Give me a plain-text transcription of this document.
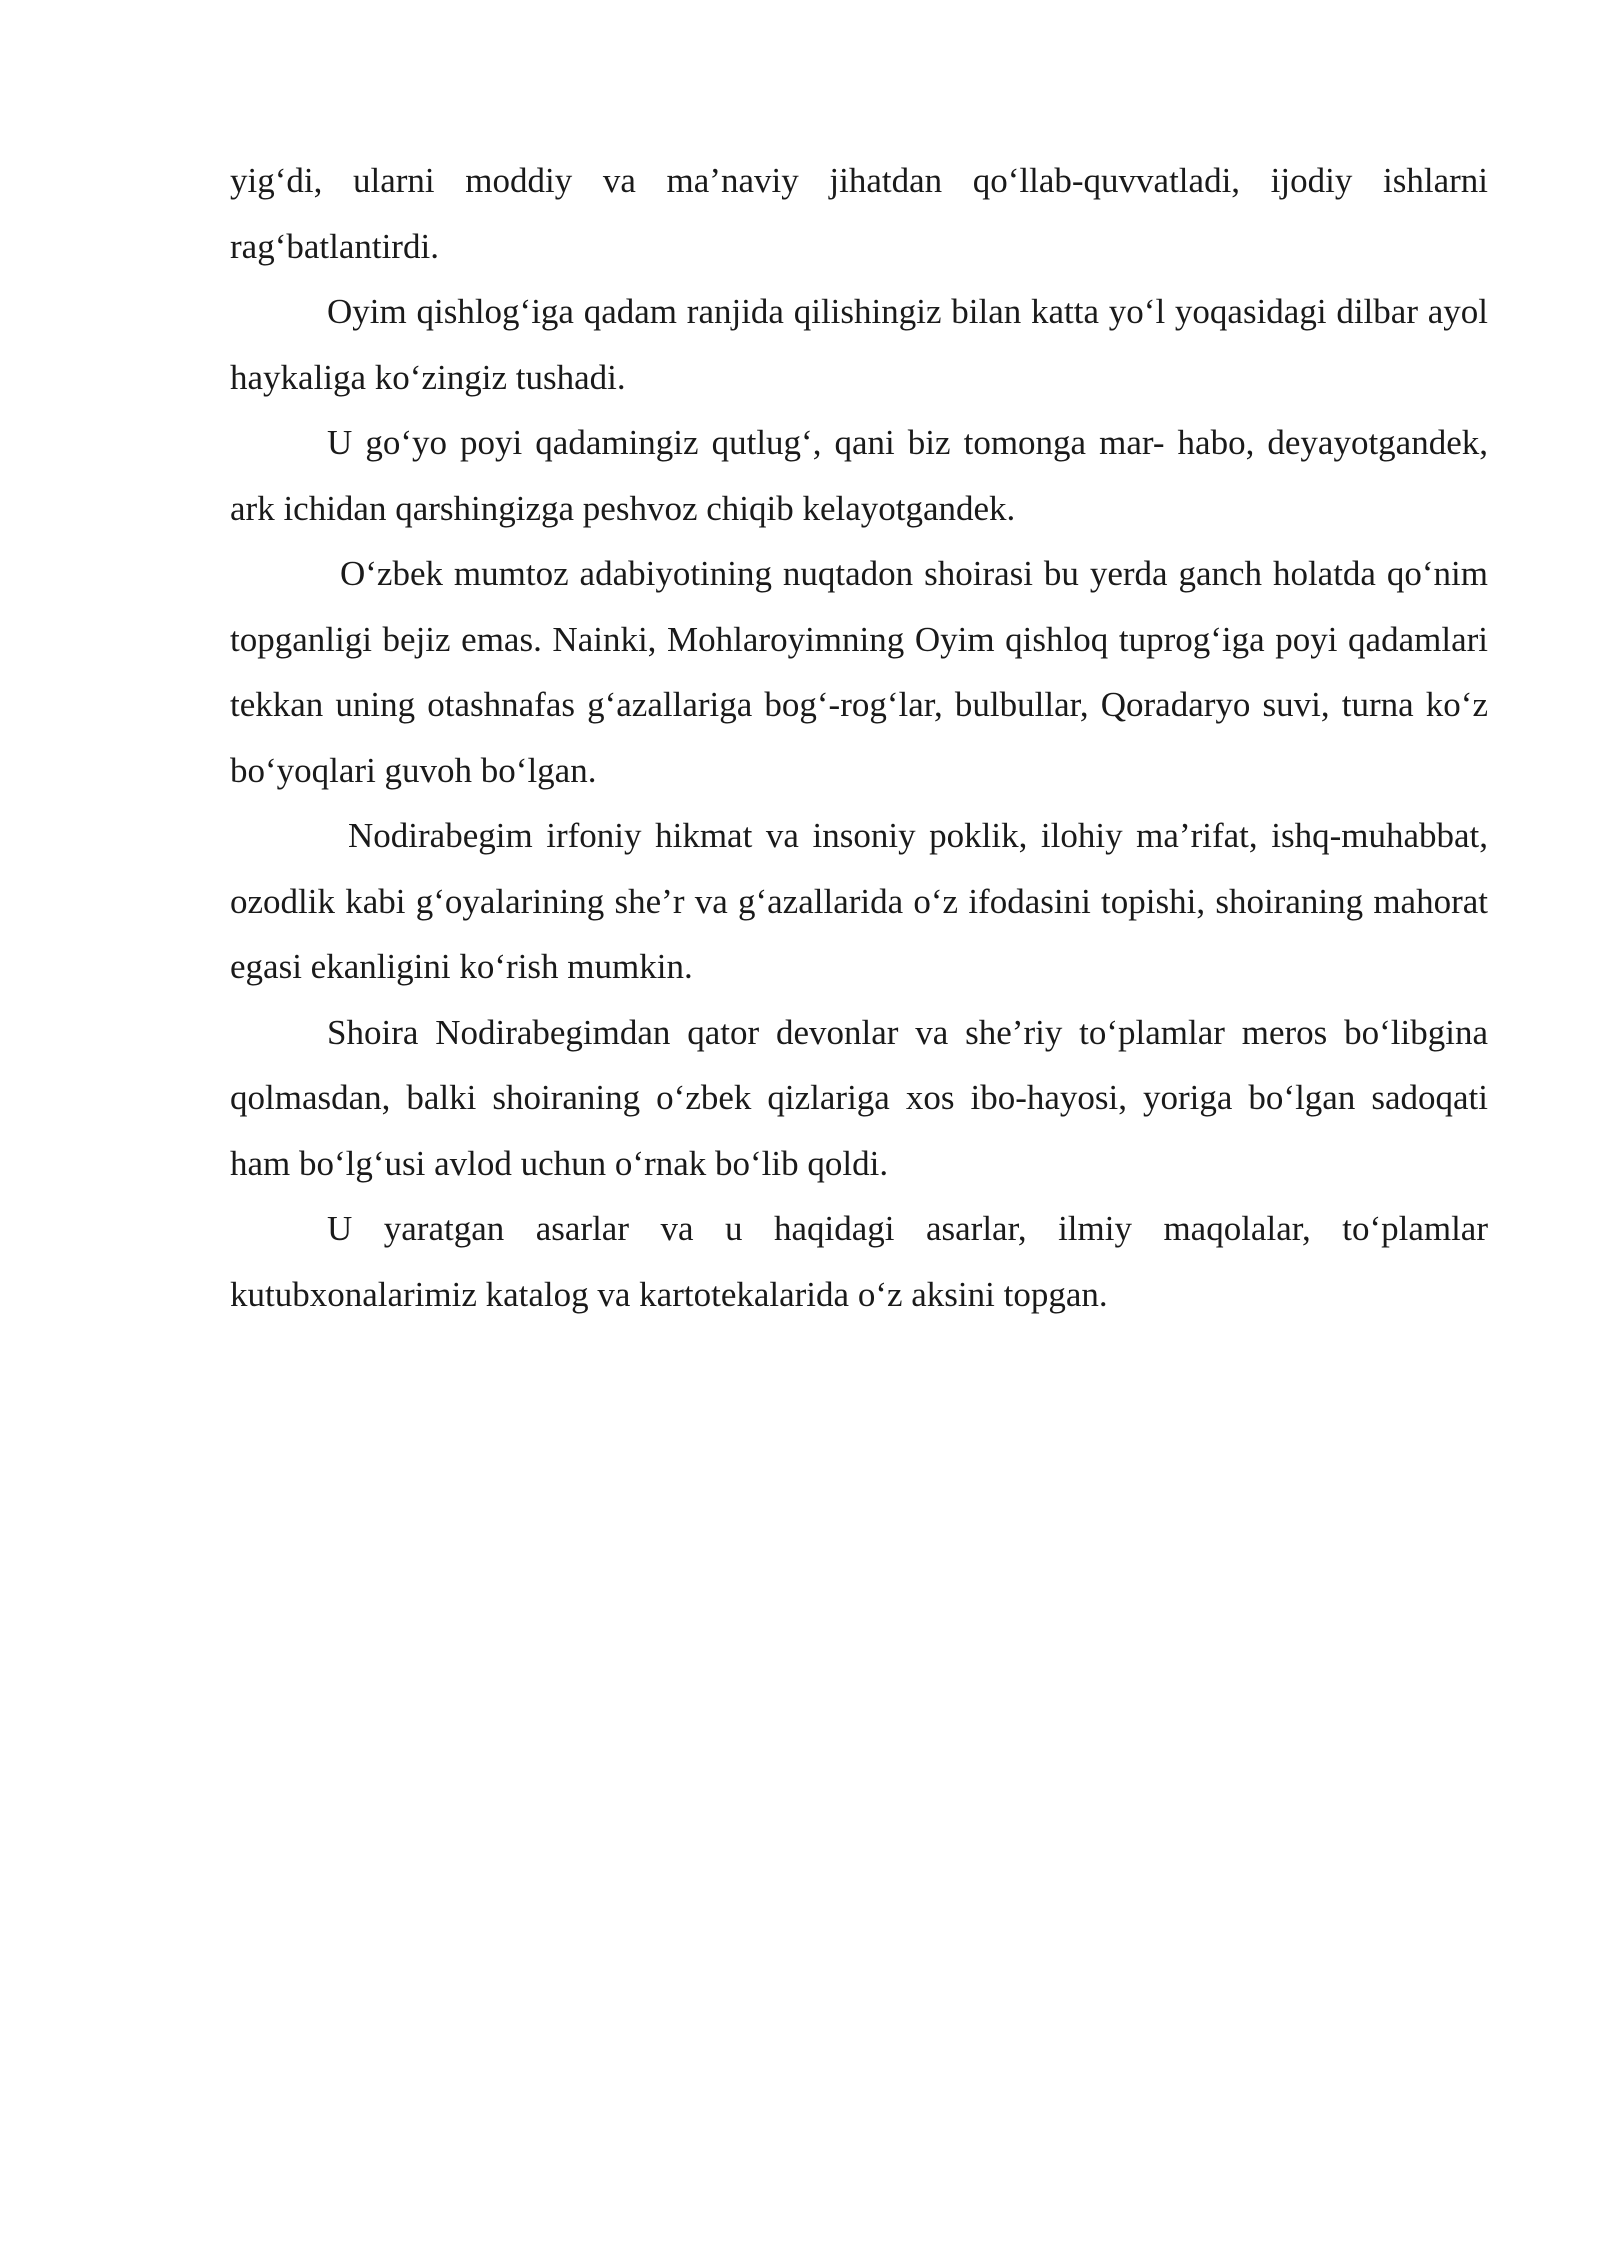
yig‘di, ularni moddiy va ma’naviy jihatdan qo‘llab-quvvatladi, ijodiy ishlarni rag‘batlantirdi.

Oyim qishlog‘iga qadam ranjida qilishingiz bilan katta yo‘l yoqasidagi dilbar ayol haykaliga ko‘zingiz tushadi.

U go‘yo poyi qadamingiz qutlug‘, qani biz tomonga mar- habo, deyayotgandek, ark ichidan qarshingizga peshvoz chiqib kelayotgandek.

O‘zbek mumtoz adabiyotining nuqtadon shoirasi bu yerda ganch holatda qo‘nim topganligi bejiz emas. Nainki, Mohlaroyimning Oyim qishloq tuprog‘iga poyi qadamlari tekkan uning otashnafas g‘azallariga bog‘-rog‘lar, bulbullar, Qoradaryo suvi, turna ko‘z bo‘yoqlari guvoh bo‘lgan.

Nodirabegim irfoniy hikmat va insoniy poklik, ilohiy ma’rifat, ishq-muhabbat, ozodlik kabi g‘oyalarining she’r va g‘azallarida o‘z ifodasini topishi, shoiraning mahorat egasi ekanligini ko‘rish mumkin.

Shoira Nodirabegimdan qator devonlar va she’riy to‘plamlar meros bo‘libgina qolmasdan, balki shoiraning o‘zbek qizlariga xos ibo-hayosi, yoriga bo‘lgan sadoqati ham bo‘lg‘usi avlod uchun o‘rnak bo‘lib qoldi.

U yaratgan asarlar va u haqidagi asarlar, ilmiy maqolalar, to‘plamlar kutubxonalarimiz katalog va kartotekalarida o‘z aksini topgan.
